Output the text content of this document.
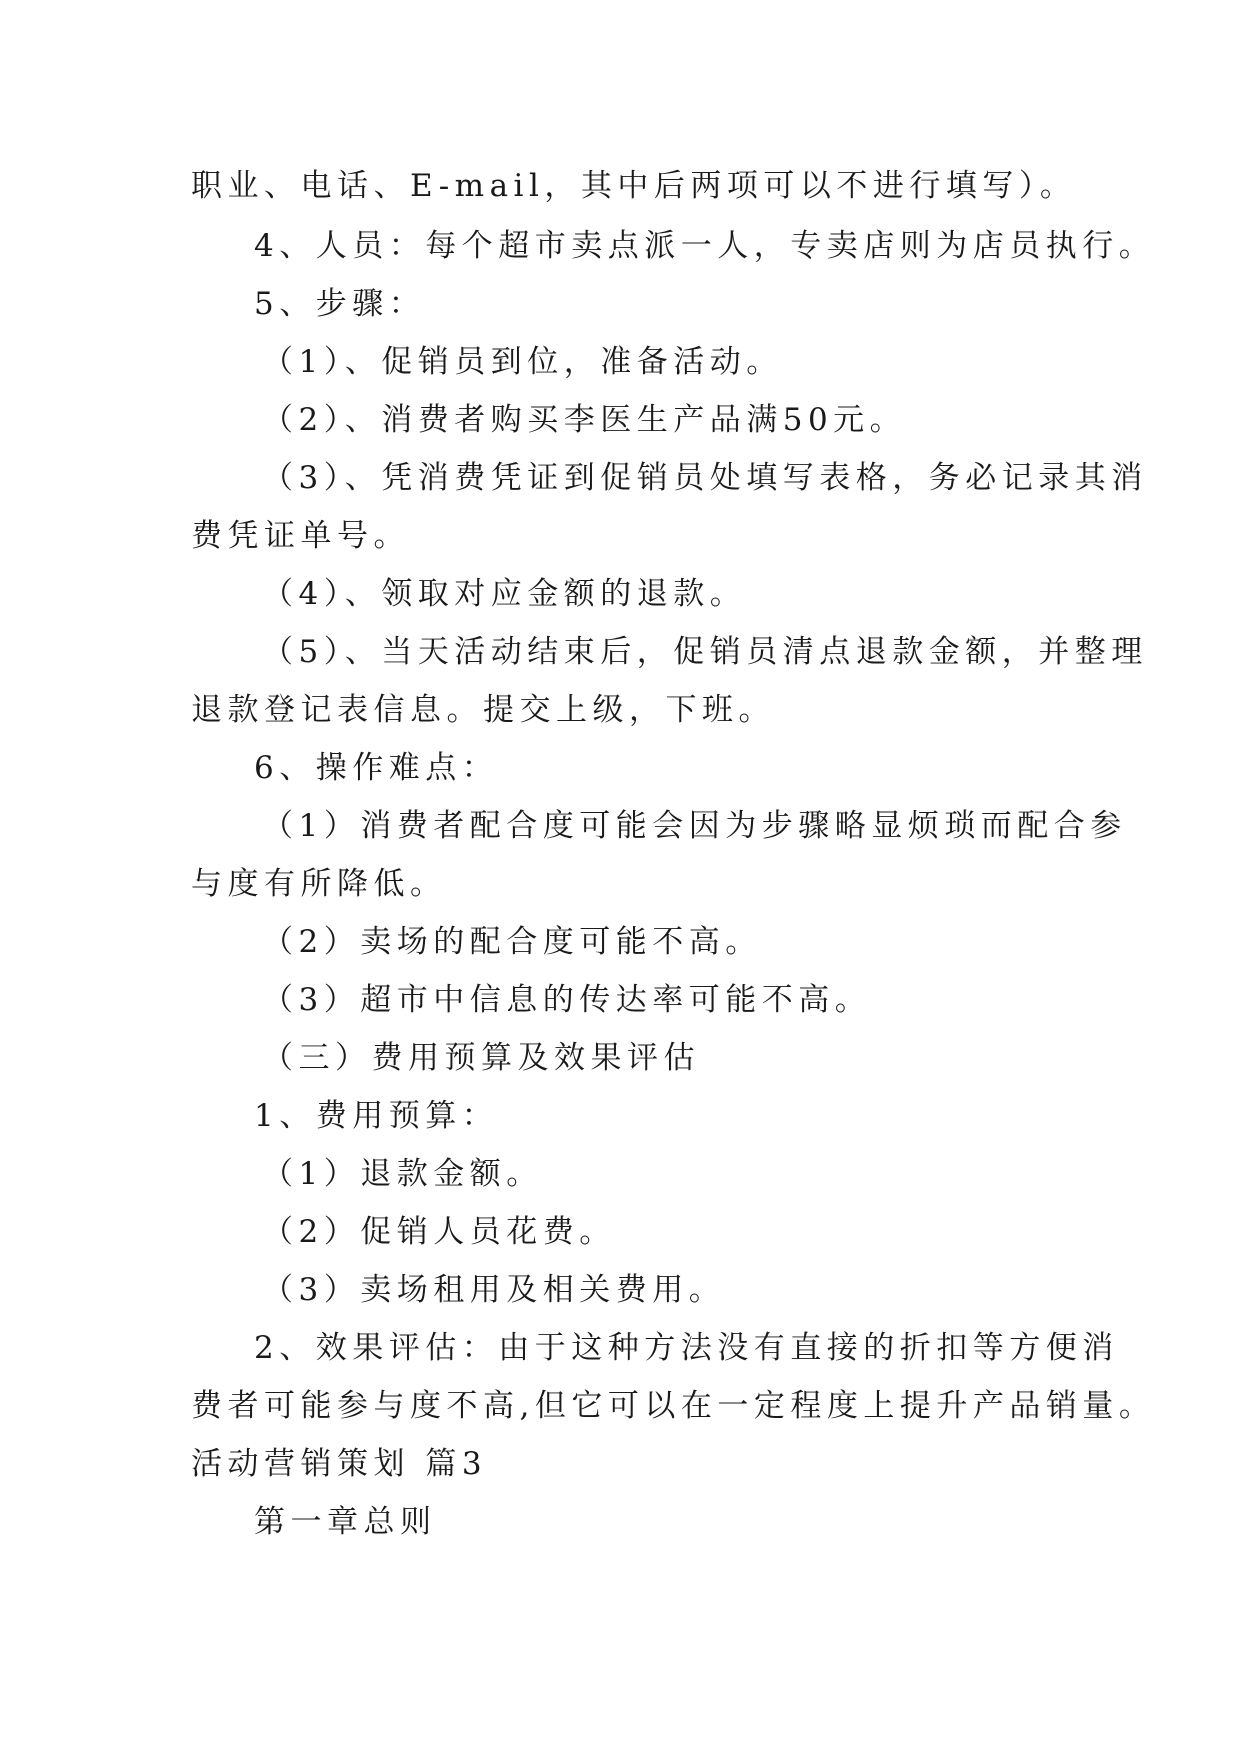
职业、电话、E-mail，其中后两项可以不进行填写）。
4、人员：每个超市卖点派一人，专卖店则为店员执行。
5、步骤：
（1）、促销员到位，准备活动。
（2）、消费者购买李医生产品满50元。
（3）、凭消费凭证到促销员处填写表格，务必记录其消
费凭证单号。
（4）、领取对应金额的退款。
（5）、当天活动结束后，促销员清点退款金额，并整理
退款登记表信息。提交上级，下班。
6、操作难点：
（1）消费者配合度可能会因为步骤略显烦琐而配合参
与度有所降低。
（2）卖场的配合度可能不高。
（3）超市中信息的传达率可能不高。
（三）费用预算及效果评估
1、费用预算：
（1）退款金额。
（2）促销人员花费。
（3）卖场租用及相关费用。
2、效果评估：由于这种方法没有直接的折扣等方便消
费者可能参与度不高,但它可以在一定程度上提升产品销量。
活动营销策划 篇3
第一章总则
